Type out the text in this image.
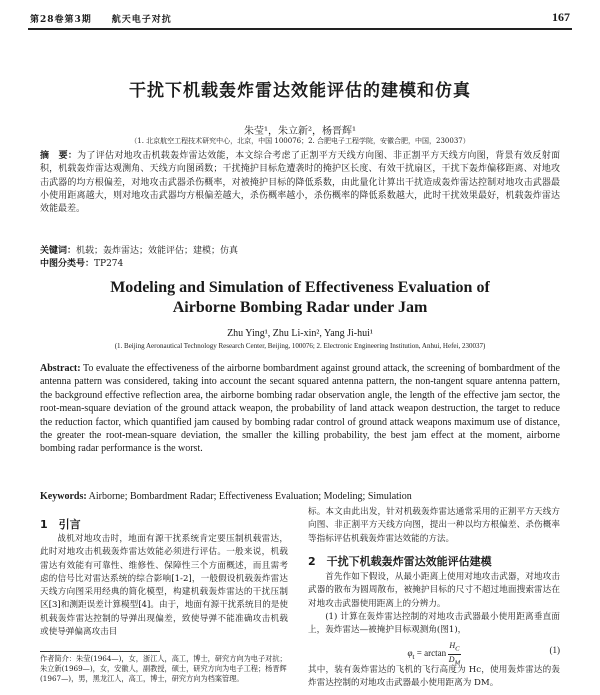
第28卷第3期　　航天电子对抗	167
干扰下机载轰炸雷达效能评估的建模和仿真
朱莹¹，朱立新²，杨晋辉¹
（1. 北京航空工程技术研究中心，北京，中国 100076；2. 合肥电子工程学院，安徽合肥，中国，230037）
摘　要：为了评估对地攻击机载轰炸雷达效能，本文综合考虑了正割平方天线方向图、非正割平方天线方向图，背景有效反射面积，机载轰炸雷达观测角、天线方向图函数；干扰掩护目标危遭袭时的掩护区长度、有效干扰扇区，干扰下轰炸偏移距离、对地攻击武器的均方根偏差，对地攻击武器杀伤概率，对被掩护目标的降低系数，由此量化计算出干扰造成轰炸雷达控制对地攻击武器最小使用距离越大，则对地攻击武器均方根偏差越大，杀伤概率越小，杀伤概率的降低系数越大，此时干扰效果最好，机载轰炸雷达效能最差。
关键词：机载；轰炸雷达；效能评估；建模；仿真
中图分类号：TP274
Modeling and Simulation of Effectiveness Evaluation of
Airborne Bombing Radar under Jam
Zhu Ying¹, Zhu Li-xin², Yang Ji-hui¹
(1. Beijing Aeronautical Technology Research Center, Beijing, 100076; 2. Electronic Engineering Institution, Anhui, Hefei, 230037)
Abstract: To evaluate the effectiveness of the airborne bombardment against ground attack, the screening of bombardment of the antenna pattern was considered, taking into account the secant squared antenna pattern, the non-tangent square antenna pattern, the background effective reflection area, the airborne bombing radar observation angle, the length of the effective jam sector, the root-mean-square deviation of the ground attack weapon, the probability of land attack weapon destruction, the target to reduce the reduction factor, which quantified jam caused by bombing radar control of ground attack weapons maximum use of distance, the greater the root-mean-square deviation, the smaller the killing probability, the best jam effect at the moment, airborne bombing radar performance is the worst.
Keywords: Airborne; Bombardment Radar; Effectiveness Evaluation; Modeling; Simulation
1　引言
战机对地攻击时，地面有源干扰系统肯定要压制机载雷达，此时对地攻击机载轰炸雷达效能必须进行评估。一般来说，机载雷达有效能有可靠性、维修性、保障性三个方面概述，而且需考虑的信号比对雷达系统的综合影响[1-2]，一般假设机载轰炸雷达天线方向图采用经典的简化模型，构建机载轰炸雷达的干扰压制区[3]和测距误差计算模型[4]。由于，地面有源干扰系统目的是使机载轰炸雷达控制的导弹出现偏差，致使导弹不能准确攻击机载或使导弹偏离攻击目
作者简介：朱莹(1964—)，女，浙江人，高工，博士，研究方向为电子对抗；朱立新(1969—)，女，安徽人，副教授，硕士，研究方向为电子工程；杨晋辉(1967—)，男，黑龙江人，高工，博士，研究方向为档案管理。
标。本文由此出发，针对机载轰炸雷达通常采用的正割平方天线方向图、非正割平方天线方向图，提出一种以均方根偏差、杀伤概率等指标评估机载轰炸雷达效能的方法。
2　干扰下机载轰炸雷达效能评估建模
首先作如下假设，从最小距离上使用对地攻击武器，对地攻击武器的散布为圆周散布，被掩护目标的尺寸不超过地面搜索雷达在对地攻击武器使用距离上的分辨力。
(1) 计算在轰炸雷达控制的对地攻击武器最小使用距离垂直面上，轰炸雷达—被掩护目标观测角(图1)，
$\varphi_t = \arctan \frac{H_C}{D_M}$	(1)
其中，装有轰炸雷达的飞机的飞行高度为 Hc，使用轰炸雷达的轰炸雷达控制的对地攻击武器最小使用距离为 DM。
